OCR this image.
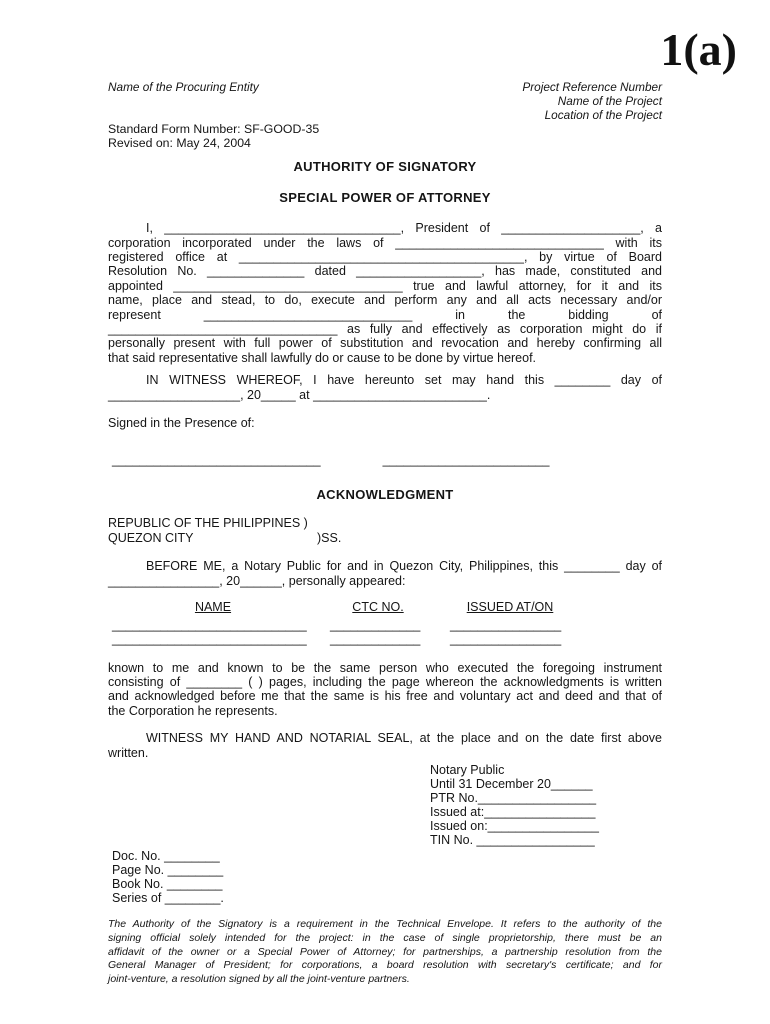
1(a)
Name of the Procuring Entity	Project Reference Number
Name of the Project
Location of the Project
Standard Form Number: SF-GOOD-35
Revised on: May 24, 2004
AUTHORITY OF SIGNATORY
SPECIAL POWER OF ATTORNEY
I, __________________________________, President of ____________________, a
corporation incorporated under the laws of ______________________________ with its
registered office at _________________________________________, by virtue of Board
Resolution No. ______________ dated __________________, has made, constituted and
appointed _________________________________ true and lawful attorney, for it and its
name, place and stead, to do, execute and perform any and all acts necessary and/or
represent ______________________________ in the bidding of
_________________________________ as fully and effectively as corporation might do if
personally present with full power of substitution and revocation and hereby confirming all
that said representative shall lawfully do or cause to be done by virtue hereof.
IN WITNESS WHEREOF, I have hereunto set may hand this ________ day of
___________________, 20_____ at _________________________.
Signed in the Presence of:
______________________________	________________________
ACKNOWLEDGMENT
REPUBLIC OF THE PHILIPPINES )
QUEZON CITY	)SS.
BEFORE ME, a Notary Public for and in Quezon City, Philippines, this ________ day of
________________, 20______, personally appeared:
NAME	CTC NO.	ISSUED AT/ON
____________________________	_____________	________________
____________________________	_____________	________________
known to me and known to be the same person who executed the foregoing instrument
consisting of ________ ( ) pages, including the page whereon the acknowledgments is written
and acknowledged before me that the same is his free and voluntary act and deed and that of
the Corporation he represents.
WITNESS MY HAND AND NOTARIAL SEAL, at the place and on the date first above
written.
Notary Public
Until 31 December 20______
PTR No._________________
Issued at:________________
Issued on:________________
TIN No. _________________
Doc. No. ________
Page No. ________
Book No. ________
Series of ________.
The Authority of the Signatory is a requirement in the Technical Envelope. It refers to the authority of the
signing official solely intended for the project: in the case of single proprietorship, there must be an
affidavit of the owner or a Special Power of Attorney; for partnerships, a partnership resolution from the
General Manager of President; for corporations, a board resolution with secretary's certificate; and for
joint-venture, a resolution signed by all the joint-venture partners.
